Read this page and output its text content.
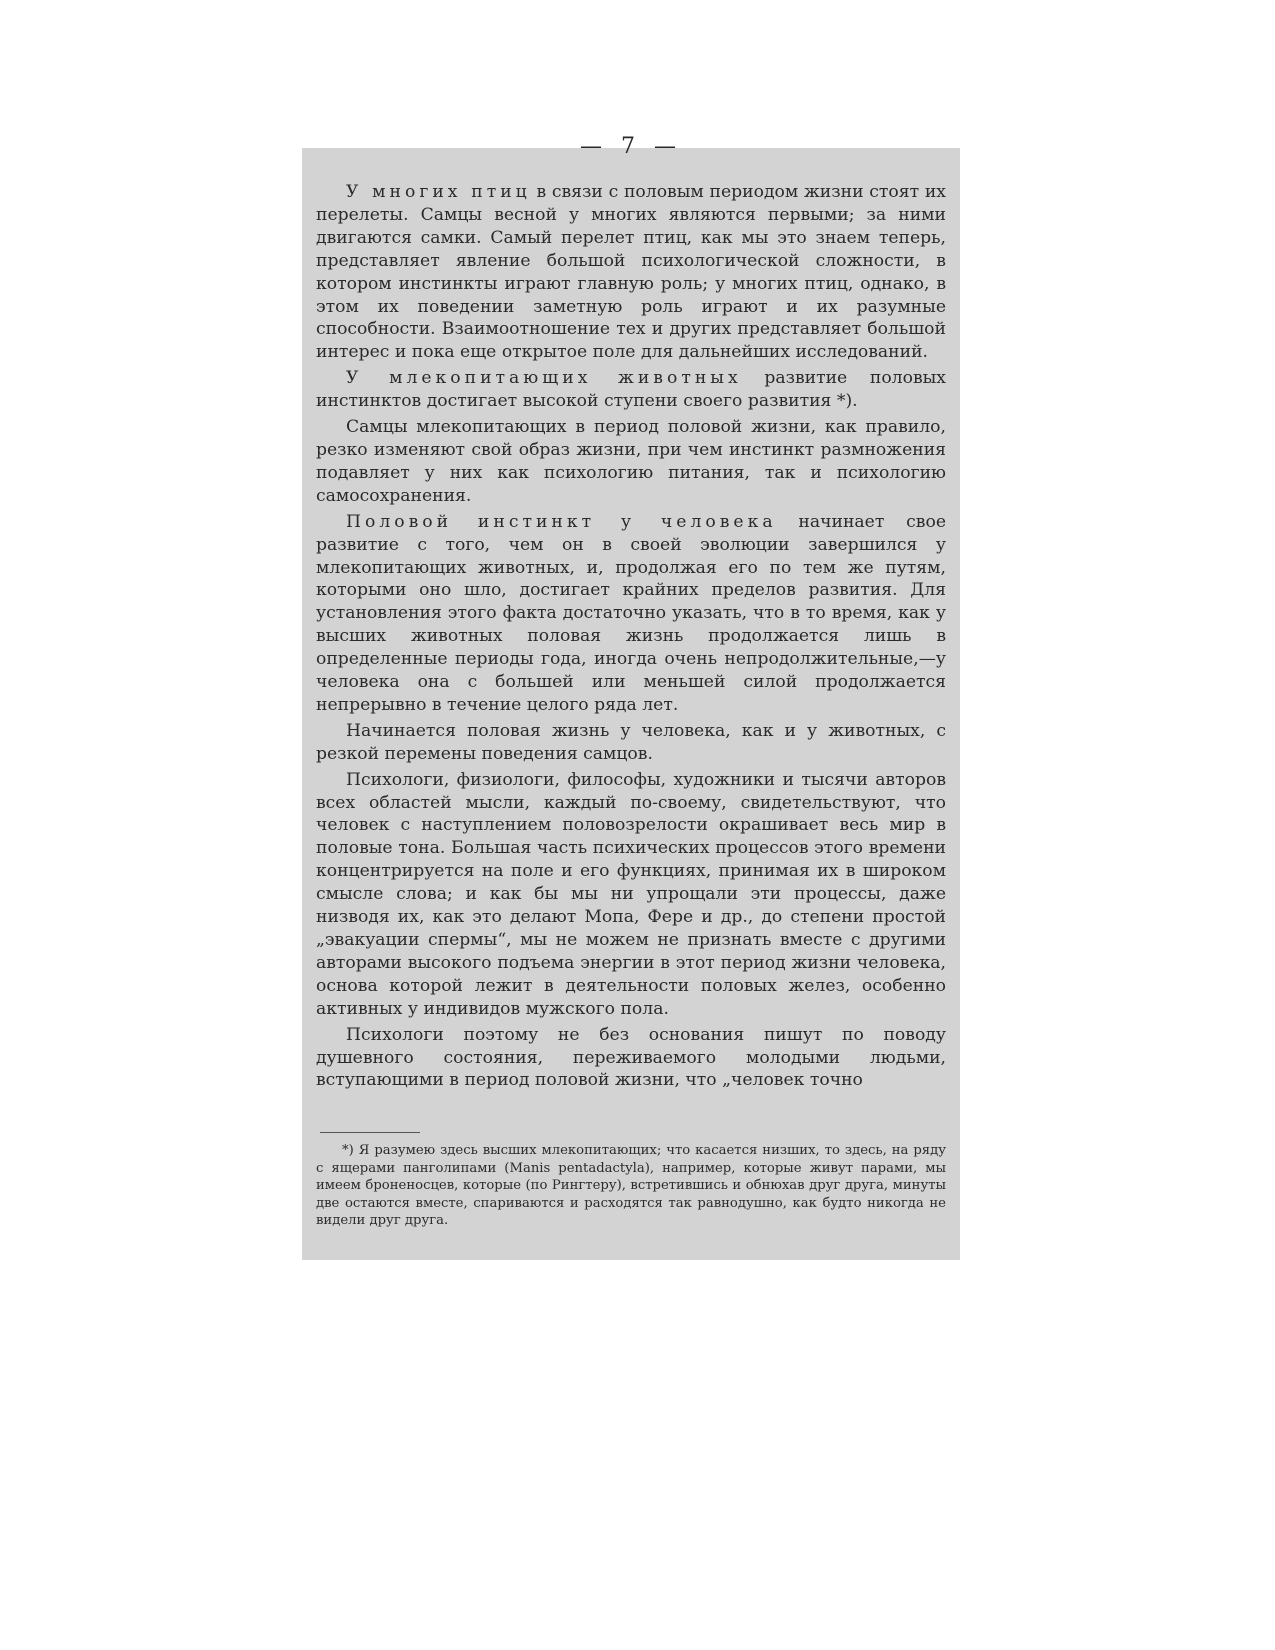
— 7 —

У многих птиц в связи с половым периодом жизни стоят их перелеты. Самцы весной у многих являются первыми; за ними двигаются самки. Самый перелет птиц, как мы это знаем теперь, представляет явление большой психологической сложности, в котором инстинкты играют главную роль; у многих птиц, однако, в этом их поведении заметную роль играют и их разумные способности. Взаимоотношение тех и других представляет большой интерес и пока еще открытое поле для дальнейших исследований.

У млекопитающих животных развитие половых инстинктов достигает высокой ступени своего развития *).

Самцы млекопитающих в период половой жизни, как правило, резко изменяют свой образ жизни, при чем инстинкт размножения подавляет у них как психологию питания, так и психологию самосохранения.

Половой инстинкт у человека начинает свое развитие с того, чем он в своей эволюции завершился у млекопитающих животных, и, продолжая его по тем же путям, которыми оно шло, достигает крайних пределов развития. Для установления этого факта достаточно указать, что в то время, как у высших животных половая жизнь продолжается лишь в определенные периоды года, иногда очень непродолжительные,—у человека она с большей или меньшей силой продолжается непрерывно в течение целого ряда лет.

Начинается половая жизнь у человека, как и у животных, с резкой перемены поведения самцов.

Психологи, физиологи, философы, художники и тысячи авторов всех областей мысли, каждый по-своему, свидетельствуют, что человек с наступлением половозрелости окрашивает весь мир в половые тона. Большая часть психических процессов этого времени концентрируется на поле и его функциях, принимая их в широком смысле слова; и как бы мы ни упрощали эти процессы, даже низводя их, как это делают Мопа, Фере и др., до степени простой „эвакуации спермы“, мы не можем не признать вместе с другими авторами высокого подъема энергии в этот период жизни человека, основа которой лежит в деятельности половых желез, особенно активных у индивидов мужского пола.

Психологи поэтому не без основания пишут по поводу душевного состояния, переживаемого молодыми людьми, вступающими в период половой жизни, что „человек точно

*) Я разумею здесь высших млекопитающих; что касается низших, то здесь, на ряду с ящерами панголипами (Manis pentadactyla), например, которые живут парами, мы имеем броненосцев, которые (по Рингтеру), встретившись и обнюхав друг друга, минуты две остаются вместе, спариваются и расходятся так равнодушно, как будто никогда не видели друг друга.
